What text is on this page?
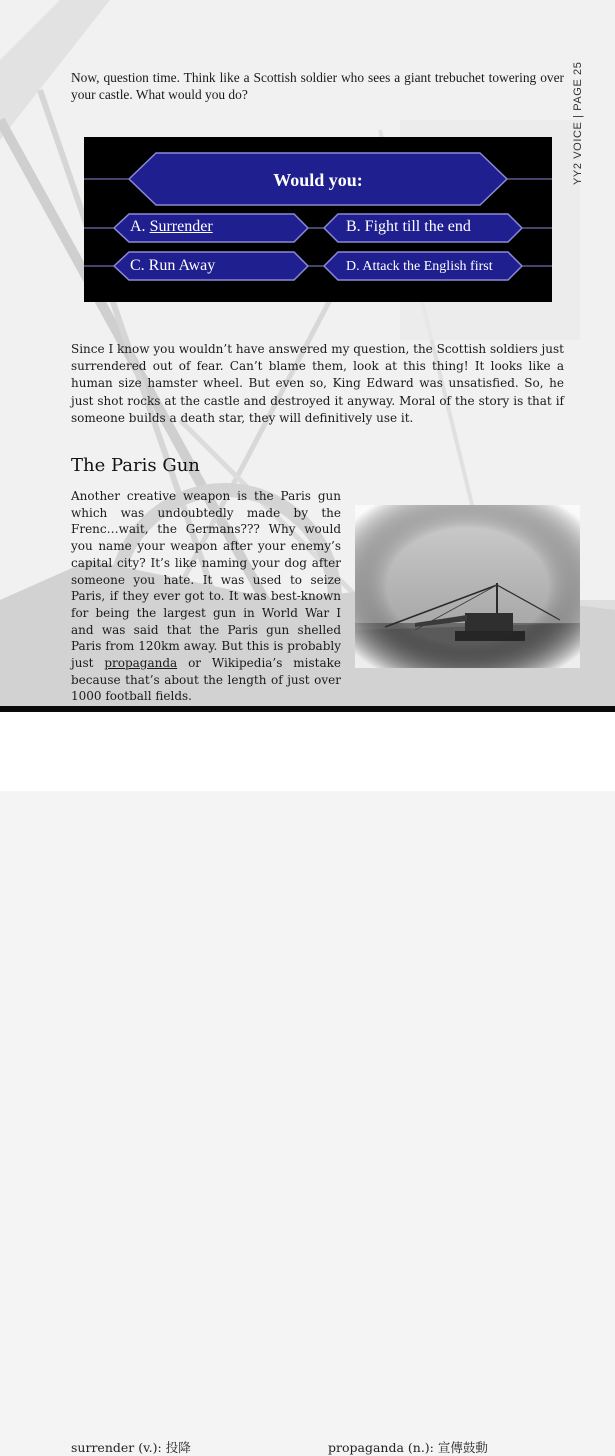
YY2 VOICE | PAGE 25

Now, question time. Think like a Scottish soldier who sees a giant trebuchet towering over your castle. What would you do?

Would you:
A. Surrender	B. Fight till the end
C. Run Away	D. Attack the English first

Since I know you wouldn’t have answered my question, the Scottish soldiers just surrendered out of fear. Can’t blame them, look at this thing! It looks like a human size hamster wheel. But even so, King Edward was unsatisfied. So, he just shot rocks at the castle and destroyed it anyway. Moral of the story is that if someone builds a death star, they will definitively use it.

The Paris Gun

Another creative weapon is the Paris gun which was undoubtedly made by the Frenc…wait, the Germans??? Why would you name your weapon after your enemy’s capital city? It’s like naming your dog after someone you hate. It was used to seize Paris, if they ever got to. It was best-known for being the largest gun in World War I and was said that the Paris gun shelled Paris from 120km away. But this is probably just propaganda or Wikipedia’s mistake because that’s about the length of just over 1000 football fields.

surrender (v.): 投降	propaganda (n.): 宣傳鼓動
